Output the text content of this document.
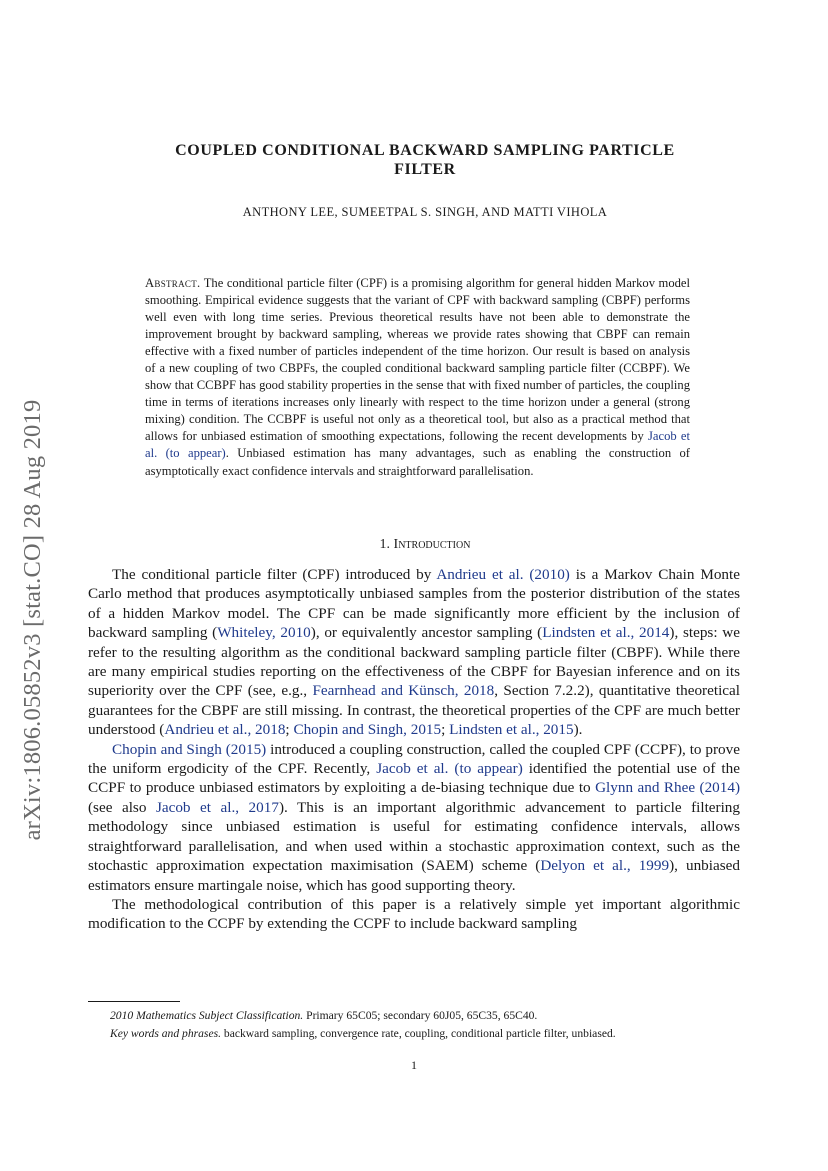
arXiv:1806.05852v3 [stat.CO] 28 Aug 2019
COUPLED CONDITIONAL BACKWARD SAMPLING PARTICLE
FILTER
ANTHONY LEE, SUMEETPAL S. SINGH, AND MATTI VIHOLA
Abstract. The conditional particle filter (CPF) is a promising algorithm for general hidden Markov model smoothing. Empirical evidence suggests that the variant of CPF with backward sampling (CBPF) performs well even with long time series. Previous theoretical results have not been able to demonstrate the improvement brought by backward sampling, whereas we provide rates showing that CBPF can remain effective with a fixed number of particles independent of the time horizon. Our result is based on analysis of a new coupling of two CBPFs, the coupled conditional backward sampling particle filter (CCBPF). We show that CCBPF has good stability properties in the sense that with fixed number of particles, the coupling time in terms of iterations increases only linearly with respect to the time horizon under a general (strong mixing) condition. The CCBPF is useful not only as a theoretical tool, but also as a practical method that allows for unbiased estimation of smoothing expectations, following the recent developments by Jacob et al. (to appear). Unbiased estimation has many advantages, such as enabling the construction of asymptotically exact confidence intervals and straightforward parallelisation.
1. Introduction

The conditional particle filter (CPF) introduced by Andrieu et al. (2010) is a Markov Chain Monte Carlo method that produces asymptotically unbiased samples from the posterior distribution of the states of a hidden Markov model. The CPF can be made significantly more efficient by the inclusion of backward sampling (Whiteley, 2010), or equivalently ancestor sampling (Lindsten et al., 2014), steps: we refer to the resulting algorithm as the conditional backward sampling particle filter (CBPF). While there are many empirical studies reporting on the effectiveness of the CBPF for Bayesian inference and on its superiority over the CPF (see, e.g., Fearnhead and Künsch, 2018, Section 7.2.2), quantitative theoretical guarantees for the CBPF are still missing. In contrast, the theoretical properties of the CPF are much better understood (Andrieu et al., 2018; Chopin and Singh, 2015; Lindsten et al., 2015).

Chopin and Singh (2015) introduced a coupling construction, called the coupled CPF (CCPF), to prove the uniform ergodicity of the CPF. Recently, Jacob et al. (to appear) identified the potential use of the CCPF to produce unbiased estimators by exploiting a de-biasing technique due to Glynn and Rhee (2014) (see also Jacob et al., 2017). This is an important algorithmic advancement to particle filtering methodology since unbiased estimation is useful for estimating confidence intervals, allows straightforward parallelisation, and when used within a stochastic approximation context, such as the stochastic approximation expectation maximisation (SAEM) scheme (Delyon et al., 1999), unbiased estimators ensure martingale noise, which has good supporting theory.

The methodological contribution of this paper is a relatively simple yet important algorithmic modification to the CCPF by extending the CCPF to include backward sampling

2010 Mathematics Subject Classification. Primary 65C05; secondary 60J05, 65C35, 65C40.

Key words and phrases. backward sampling, convergence rate, coupling, conditional particle filter, unbiased.

1
